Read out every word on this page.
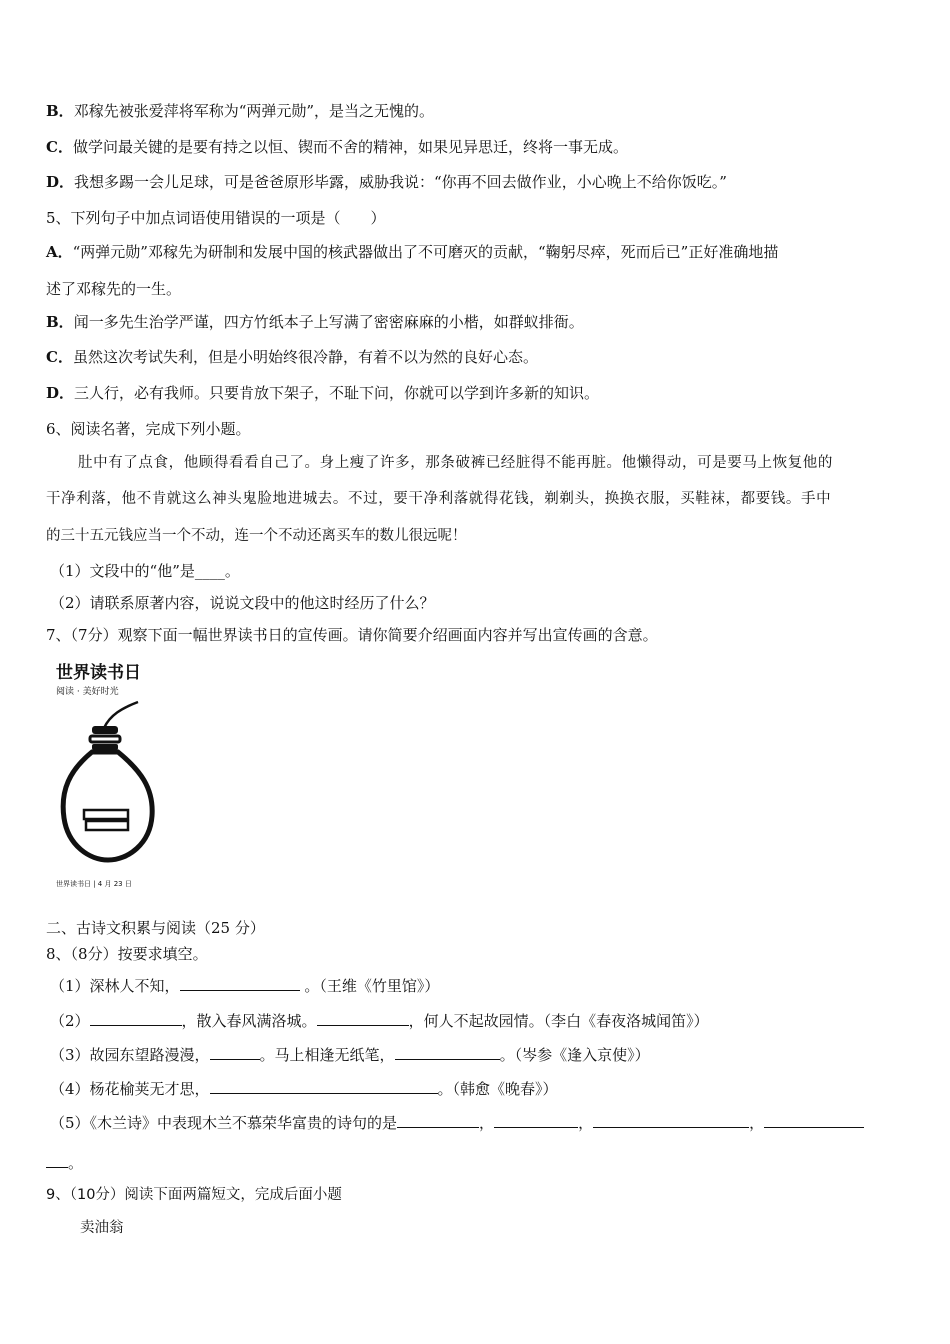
B．邓稼先被张爱萍将军称为“两弹元勋”，是当之无愧的。
C．做学问最关键的是要有持之以恒、锲而不舍的精神，如果见异思迁，终将一事无成。
D．我想多踢一会儿足球，可是爸爸原形毕露，威胁我说：“你再不回去做作业，小心晚上不给你饭吃。”
5、下列句子中加点词语使用错误的一项是（　　）
A．“两弹元勋”邓稼先为研制和发展中国的核武器做出了不可磨灭的贡献，“鞠躬尽瘁，死而后已”正好准确地描
述了邓稼先的一生。
B．闻一多先生治学严谨，四方竹纸本子上写满了密密麻麻的小楷，如群蚁排衙。
C．虽然这次考试失利，但是小明始终很冷静，有着不以为然的良好心态。
D．三人行，必有我师。只要肯放下架子，不耻下问，你就可以学到许多新的知识。
6、阅读名著，完成下列小题。
肚中有了点食，他顾得看看自己了。身上瘦了许多，那条破裤已经脏得不能再脏。他懒得动，可是要马上恢复他的
干净利落，他不肯就这么神头鬼脸地进城去。不过，要干净利落就得花钱，剃剃头，换换衣服，买鞋袜，都要钱。手中
的三十五元钱应当一个不动，连一个不动还离买车的数儿很远呢！
（1）文段中的“他”是____。
（2）请联系原著内容，说说文段中的他这时经历了什么？
7、（7分）观察下面一幅世界读书日的宣传画。请你简要介绍画面内容并写出宣传画的含意。
世界读书日
阅读 · 美好时光
世界读书日 | 4 月 23 日
二、古诗文积累与阅读（25 分）
8、（8分）按要求填空。
（1）深林人不知，	。（王维《竹里馆》）
（2）	，散入春风满洛城。	，何人不起故园情。（李白《春夜洛城闻笛》）
（3）故园东望路漫漫，	。马上相逢无纸笔，	。（岑参《逢入京使》）
（4）杨花榆荚无才思，	。（韩愈《晚春》）
（5）《木兰诗》中表现木兰不慕荣华富贵的诗句的是	，	，	，
。
9、（10分）阅读下面两篇短文，完成后面小题
卖油翁
